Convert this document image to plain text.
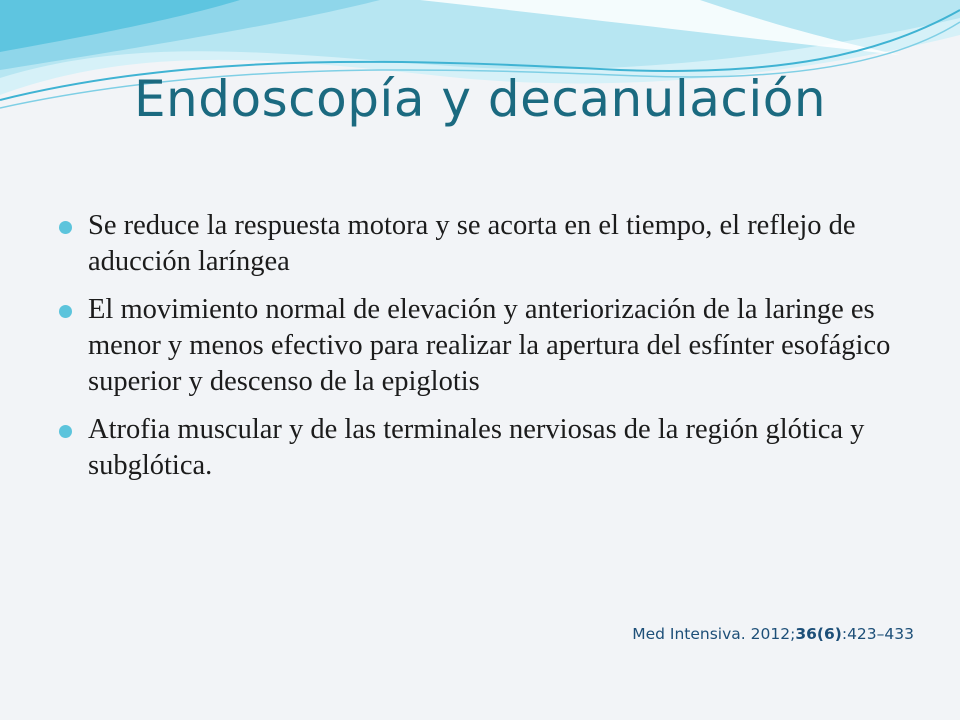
Endoscopía y decanulación
Se reduce la respuesta motora y se acorta en el tiempo, el reflejo de aducción laríngea
El movimiento normal de elevación y anteriorización de la laringe es menor y menos efectivo para realizar la apertura del esfínter esofágico superior y descenso de la epiglotis
Atrofia muscular y de las terminales nerviosas de la región glótica y subglótica.
Med Intensiva. 2012;36(6):423–433
